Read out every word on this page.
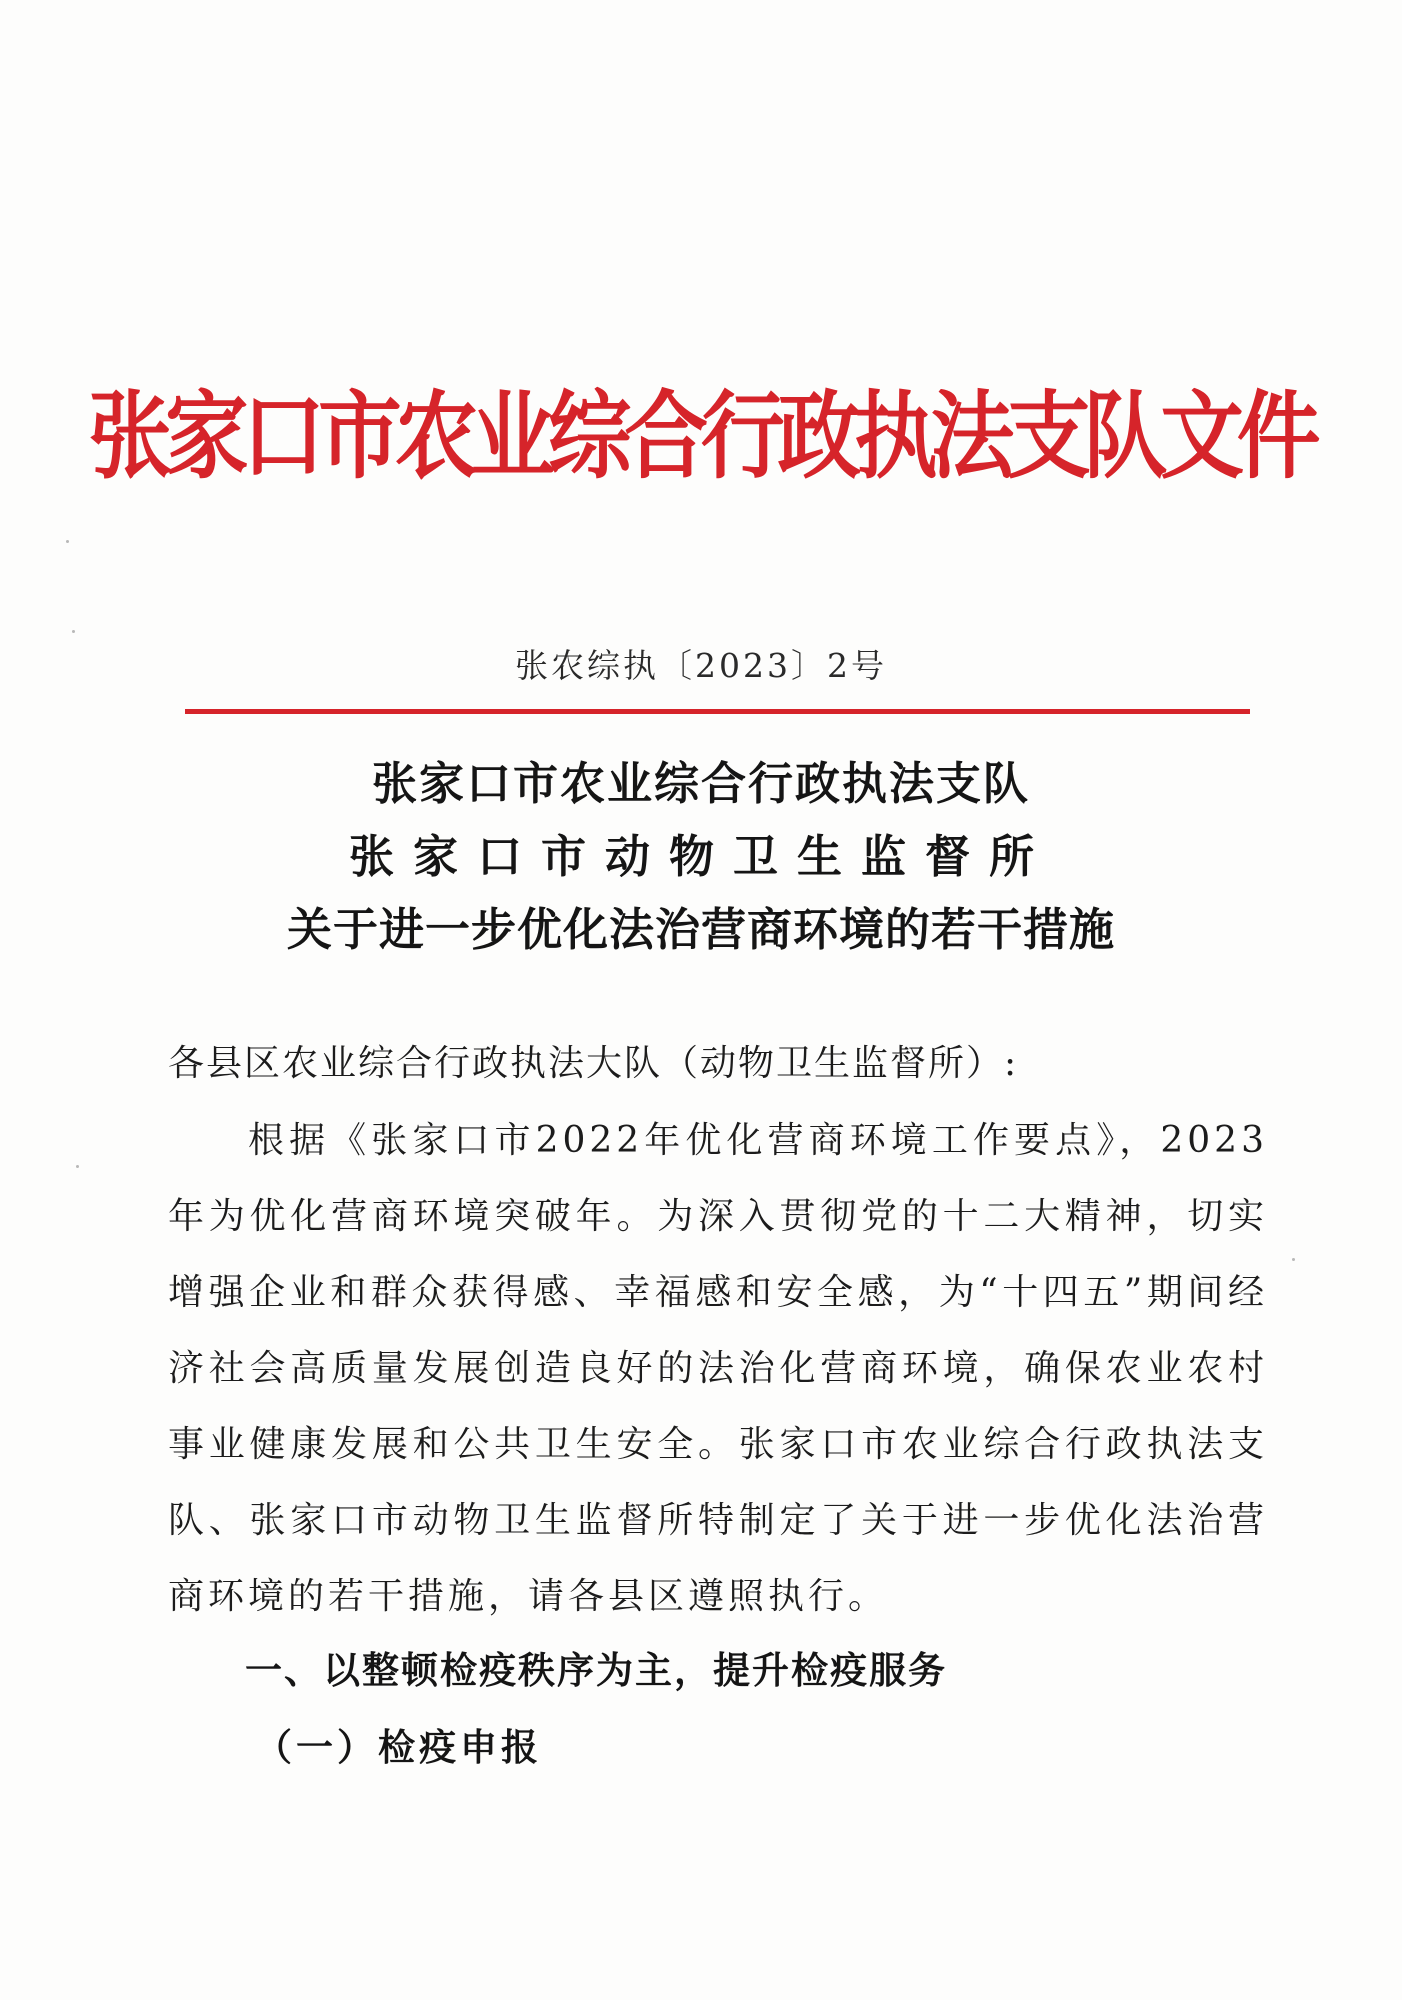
张家口市农业综合行政执法支队文件
张农综执〔2023〕2号
张家口市农业综合行政执法支队
张家口市动物卫生监督所
关于进一步优化法治营商环境的若干措施
各县区农业综合行政执法大队（动物卫生监督所）:

根据《张家口市2022年优化营商环境工作要点》，2023年为优化营商环境突破年。为深入贯彻党的十二大精神，切实增强企业和群众获得感、幸福感和安全感，为“十四五”期间经济社会高质量发展创造良好的法治化营商环境，确保农业农村事业健康发展和公共卫生安全。张家口市农业综合行政执法支队、张家口市动物卫生监督所特制定了关于进一步优化法治营商环境的若干措施，请各县区遵照执行。

一、以整顿检疫秩序为主，提升检疫服务
（一）检疫申报
